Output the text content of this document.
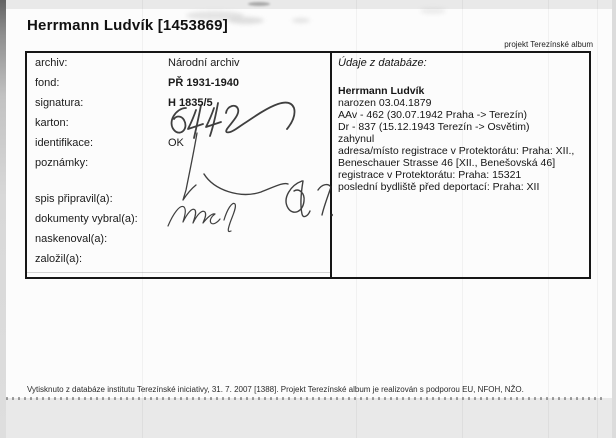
Herrmann Ludvík [1453869]
projekt Terezínské album
archiv:	Národní archiv
fond:	PŘ 1931-1940
signatura:	H 1835/5
karton:
identifikace:	OK
poznámky:
spis připravil(a):
dokumenty vybral(a):
naskenoval(a):
založil(a):
Údaje z databáze:
Herrmann Ludvík
narozen 03.04.1879
AAv - 462 (30.07.1942 Praha -> Terezín)
Dr - 837 (15.12.1943 Terezín -> Osvětim)
zahynul
adresa/místo registrace v Protektorátu: Praha: XII., Beneschauer Strasse 46 [XII., Benešovská 46]
registrace v Protektorátu: Praha: 15321
poslední bydliště před deportací: Praha: XII
Vytisknuto z databáze institutu Terezínské iniciativy, 31. 7. 2007 [1388]. Projekt Terezínské album je realizován s podporou EU, NFOH, NŽO.
